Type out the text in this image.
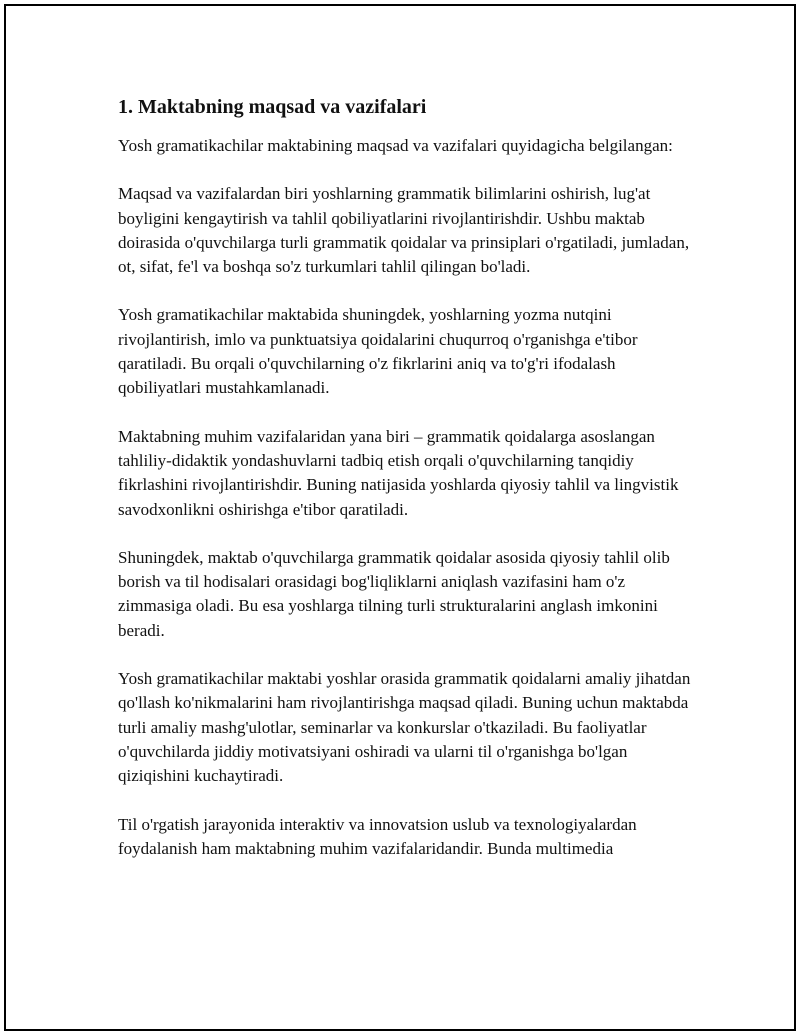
1. Maktabning maqsad va vazifalari

Yosh gramatikachilar maktabining maqsad va vazifalari quyidagicha belgilangan:

Maqsad va vazifalardan biri yoshlarning grammatik bilimlarini oshirish, lug'at boyligini kengaytirish va tahlil qobiliyatlarini rivojlantirishdir. Ushbu maktab doirasida o'quvchilarga turli grammatik qoidalar va prinsiplari o'rgatiladi, jumladan, ot, sifat, fe'l va boshqa so'z turkumlari tahlil qilingan bo'ladi.

Yosh gramatikachilar maktabida shuningdek, yoshlarning yozma nutqini rivojlantirish, imlo va punktuatsiya qoidalarini chuqurroq o'rganishga e'tibor qaratiladi. Bu orqali o'quvchilarning o'z fikrlarini aniq va to'g'ri ifodalash qobiliyatlari mustahkamlanadi.

Maktabning muhim vazifalaridan yana biri – grammatik qoidalarga asoslangan tahliliy-didaktik yondashuvlarni tadbiq etish orqali o'quvchilarning tanqidiy fikrlashini rivojlantirishdir. Buning natijasida yoshlarda qiyosiy tahlil va lingvistik savodxonlikni oshirishga e'tibor qaratiladi.

Shuningdek, maktab o'quvchilarga grammatik qoidalar asosida qiyosiy tahlil olib borish va til hodisalari orasidagi bog'liqliklarni aniqlash vazifasini ham o'z zimmasiga oladi. Bu esa yoshlarga tilning turli strukturalarini anglash imkonini beradi.

Yosh gramatikachilar maktabi yoshlar orasida grammatik qoidalarni amaliy jihatdan qo'llash ko'nikmalarini ham rivojlantirishga maqsad qiladi. Buning uchun maktabda turli amaliy mashg'ulotlar, seminarlar va konkurslar o'tkaziladi. Bu faoliyatlar o'quvchilarda jiddiy motivatsiyani oshiradi va ularni til o'rganishga bo'lgan qiziqishini kuchaytiradi.

Til o'rgatish jarayonida interaktiv va innovatsion uslub va texnologiyalardan foydalanish ham maktabning muhim vazifalaridandir. Bunda multimedia
